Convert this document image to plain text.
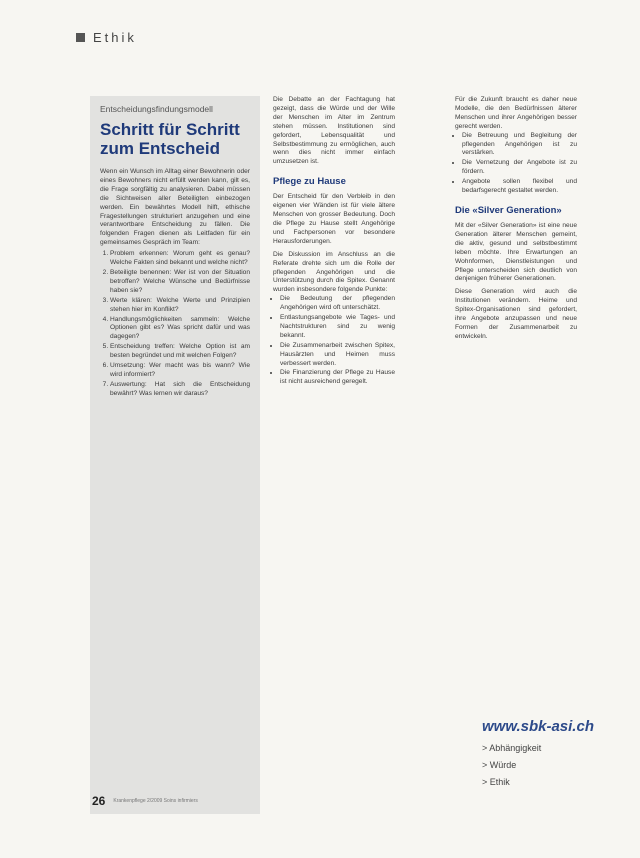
Ethik

Entscheidungsfindungsmodell

Schritt für Schritt zum Entscheid

Wenn ein Wunsch im Alltag einer Bewohnerin oder eines Bewohners nicht erfüllt werden kann, gilt es, die Frage sorgfältig zu analysieren. Dabei müssen die Sichtweisen aller Beteiligten einbezogen werden. Ein bewährtes Modell hilft, ethische Fragestellungen strukturiert anzugehen und eine verantwortbare Entscheidung zu fällen. Die folgenden Fragen dienen als Leitfaden für ein gemeinsames Gespräch im Team:

1. Problem erkennen: Worum geht es genau? Welche Fakten sind bekannt und welche nicht?
2. Beteiligte benennen: Wer ist von der Situation betroffen? Welche Wünsche und Bedürfnisse haben sie?
3. Werte klären: Welche Werte und Prinzipien stehen hier im Konflikt?
4. Handlungsmöglichkeiten sammeln: Welche Optionen gibt es? Was spricht dafür und was dagegen?
5. Entscheidung treffen: Welche Option ist am besten begründet und mit welchen Folgen?
6. Umsetzung: Wer macht was bis wann? Wie wird informiert?
7. Auswertung: Hat sich die Entscheidung bewährt? Was lernen wir daraus?

Die Debatte an der Fachtagung hat gezeigt, dass die Würde und der Wille der Menschen im Alter im Zentrum stehen müssen. Institutionen sind gefordert, Lebensqualität und Selbstbestimmung zu ermöglichen, auch wenn dies nicht immer einfach umzusetzen ist.

Pflege zu Hause

Der Entscheid für den Verbleib in den eigenen vier Wänden ist für viele ältere Menschen von grosser Bedeutung. Doch die Pflege zu Hause stellt Angehörige und Fachpersonen vor besondere Herausforderungen.

Die Diskussion im Anschluss an die Referate drehte sich um die Rolle der pflegenden Angehörigen und die Unterstützung durch die Spitex. Genannt wurden insbesondere folgende Punkte:

• Die Bedeutung der pflegenden Angehörigen wird oft unterschätzt.
• Entlastungsangebote wie Tages- und Nachtstrukturen sind zu wenig bekannt.
• Die Zusammenarbeit zwischen Spitex, Hausärzten und Heimen muss verbessert werden.
• Die Finanzierung der Pflege zu Hause ist nicht ausreichend geregelt.

Für die Zukunft braucht es daher neue Modelle, die den Bedürfnissen älterer Menschen und ihrer Angehörigen besser gerecht werden.

• Die Betreuung und Begleitung der pflegenden Angehörigen ist zu verstärken.
• Die Vernetzung der Angebote ist zu fördern.
• Angebote sollen flexibel und bedarfsgerecht gestaltet werden.
Die «Silver Generation»

Mit der «Silver Generation» ist eine neue Generation älterer Menschen gemeint, die aktiv, gesund und selbstbestimmt leben möchte. Ihre Erwartungen an Wohnformen, Dienstleistungen und Pflege unterscheiden sich deutlich von denjenigen früherer Generationen.

Diese Generation wird auch die Institutionen verändern. Heime und Spitex-Organisationen sind gefordert, ihre Angebote anzupassen und neue Formen der Zusammenarbeit zu entwickeln.

www.sbk-asi.ch
> Abhängigkeit
> Würde
> Ethik
26 Krankenpflege 2/2009 Soins infirmiers
